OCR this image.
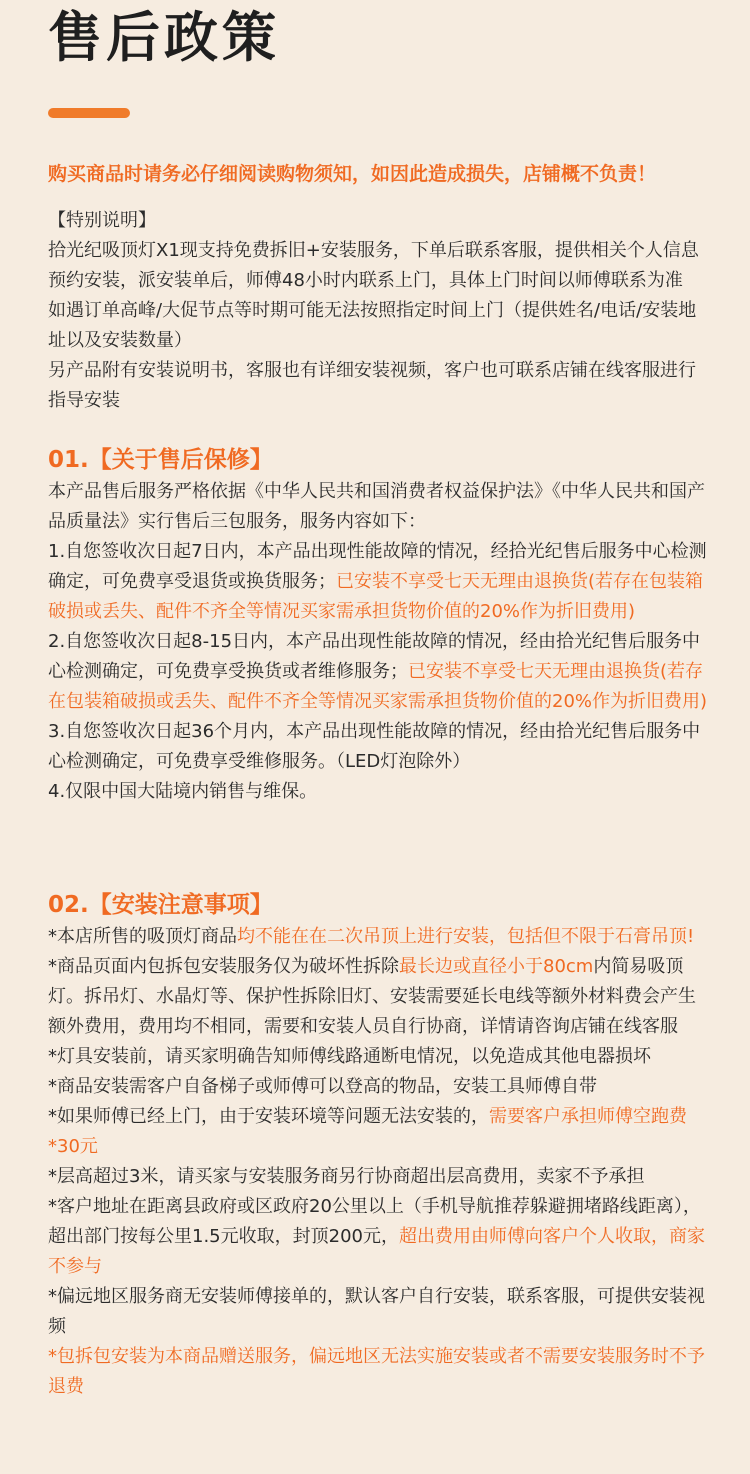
售后政策
购买商品时请务必仔细阅读购物须知，如因此造成损失，店铺概不负责！

【特别说明】

拾光纪吸顶灯X1现支持免费拆旧+安装服务，下单后联系客服，提供相关个人信息预约安装，派安装单后，师傅48小时内联系上门，具体上门时间以师傅联系为准

如遇订单高峰/大促节点等时期可能无法按照指定时间上门（提供姓名/电话/安装地址以及安装数量）

另产品附有安装说明书，客服也有详细安装视频，客户也可联系店铺在线客服进行指导安装

01.【关于售后保修】

本产品售后服务严格依据《中华人民共和国消费者权益保护法》《中华人民共和国产品质量法》实行售后三包服务，服务内容如下：

1.自您签收次日起7日内，本产品出现性能故障的情况，经拾光纪售后服务中心检测确定，可免费享受退货或换货服务；已安装不享受七天无理由退换货(若存在包装箱破损或丢失、配件不齐全等情况买家需承担货物价值的20%作为折旧费用)

2.自您签收次日起8-15日内，本产品出现性能故障的情况，经由拾光纪售后服务中心检测确定，可免费享受换货或者维修服务；已安装不享受七天无理由退换货(若存在包装箱破损或丢失、配件不齐全等情况买家需承担货物价值的20%作为折旧费用)

3.自您签收次日起36个月内，本产品出现性能故障的情况，经由拾光纪售后服务中心检测确定，可免费享受维修服务。（LED灯泡除外）

4.仅限中国大陆境内销售与维保。

02.【安装注意事项】

*本店所售的吸顶灯商品均不能在在二次吊顶上进行安装，包括但不限于石膏吊顶!

*商品页面内包拆包安装服务仅为破坏性拆除最长边或直径小于80cm内简易吸顶灯。拆吊灯、水晶灯等、保护性拆除旧灯、安装需要延长电线等额外材料费会产生额外费用，费用均不相同，需要和安装人员自行协商，详情请咨询店铺在线客服

*灯具安装前，请买家明确告知师傅线路通断电情况，以免造成其他电器损坏

*商品安装需客户自备梯子或师傅可以登高的物品，安装工具师傅自带

*如果师傅已经上门，由于安装环境等问题无法安装的，需要客户承担师傅空跑费*30元

*层高超过3米，请买家与安装服务商另行协商超出层高费用，卖家不予承担

*客户地址在距离县政府或区政府20公里以上（手机导航推荐躲避拥堵路线距离），超出部门按每公里1.5元收取，封顶200元，超出费用由师傅向客户个人收取，商家不参与

*偏远地区服务商无安装师傅接单的，默认客户自行安装，联系客服，可提供安装视频

*包拆包安装为本商品赠送服务，偏远地区无法实施安装或者不需要安装服务时不予退费
